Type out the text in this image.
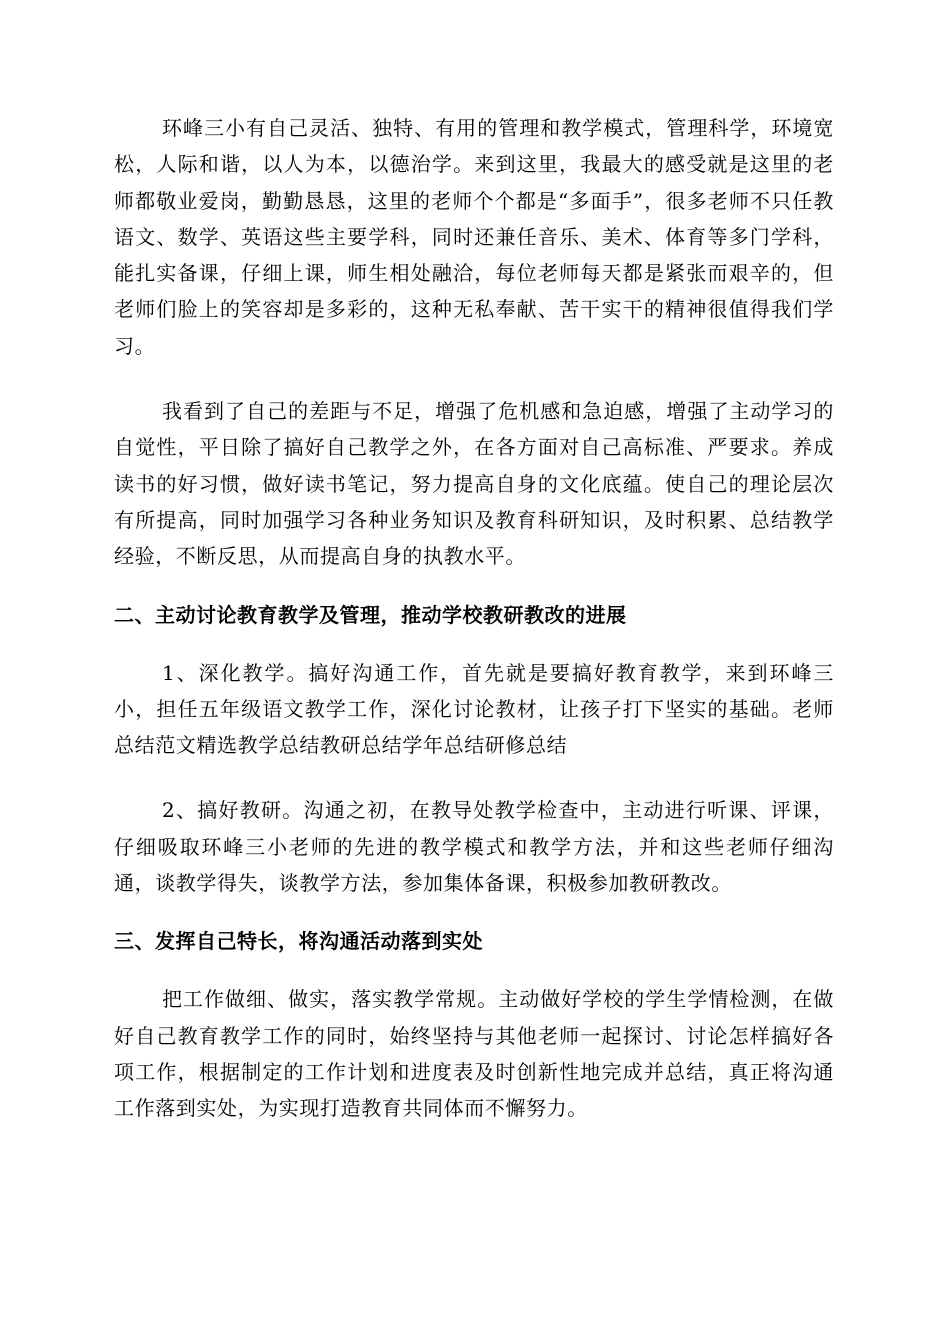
环峰三小有自己灵活、独特、有用的管理和教学模式，管理科学，环境宽松，人际和谐，以人为本，以德治学。来到这里，我最大的感受就是这里的老师都敬业爱岗，勤勤恳恳，这里的老师个个都是“多面手”，很多老师不只任教语文、数学、英语这些主要学科，同时还兼任音乐、美术、体育等多门学科，能扎实备课，仔细上课，师生相处融洽，每位老师每天都是紧张而艰辛的，但老师们脸上的笑容却是多彩的，这种无私奉献、苦干实干的精神很值得我们学习。

我看到了自己的差距与不足，增强了危机感和急迫感，增强了主动学习的自觉性，平日除了搞好自己教学之外，在各方面对自己高标准、严要求。养成读书的好习惯，做好读书笔记，努力提高自身的文化底蕴。使自己的理论层次有所提高，同时加强学习各种业务知识及教育科研知识，及时积累、总结教学经验，不断反思，从而提高自身的执教水平。

二、主动讨论教育教学及管理，推动学校教研教改的进展

1、深化教学。搞好沟通工作，首先就是要搞好教育教学，来到环峰三小，担任五年级语文教学工作，深化讨论教材，让孩子打下坚实的基础。老师总结范文精选教学总结教研总结学年总结研修总结

2、搞好教研。沟通之初，在教导处教学检查中，主动进行听课、评课，仔细吸取环峰三小老师的先进的教学模式和教学方法，并和这些老师仔细沟通，谈教学得失，谈教学方法，参加集体备课，积极参加教研教改。

三、发挥自己特长，将沟通活动落到实处

把工作做细、做实，落实教学常规。主动做好学校的学生学情检测，在做好自己教育教学工作的同时，始终坚持与其他老师一起探讨、讨论怎样搞好各项工作，根据制定的工作计划和进度表及时创新性地完成并总结，真正将沟通工作落到实处，为实现打造教育共同体而不懈努力。
